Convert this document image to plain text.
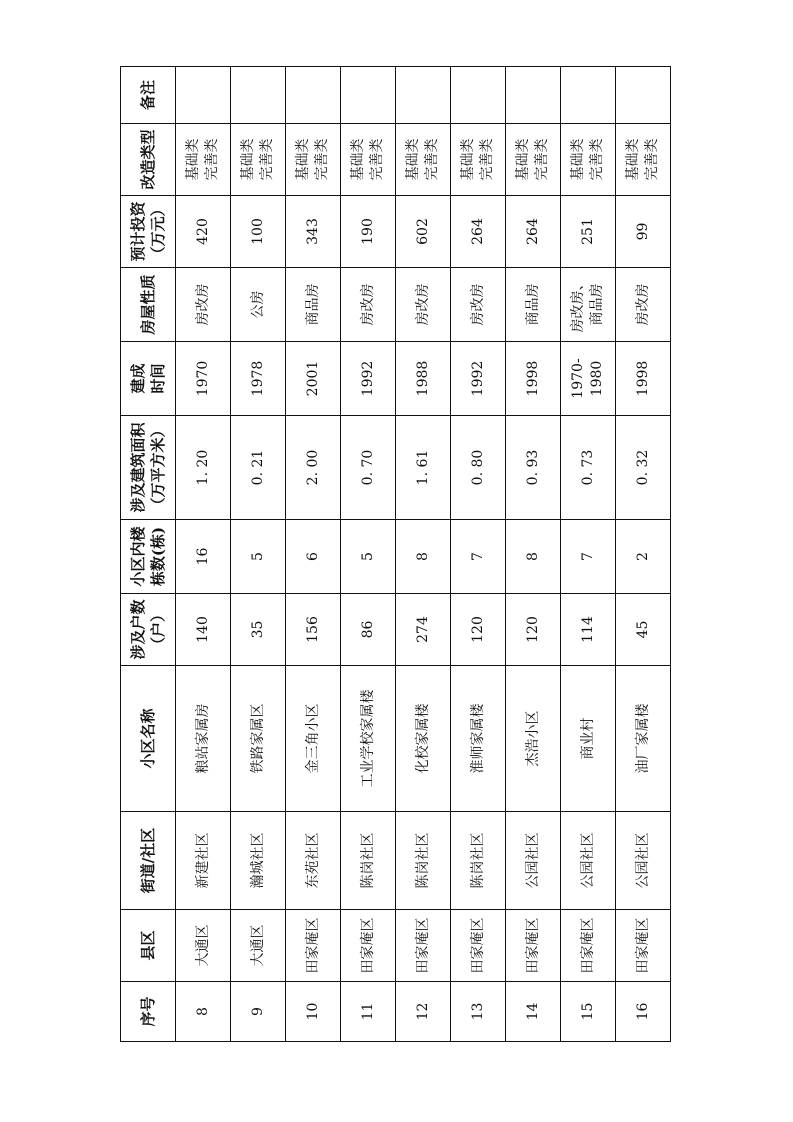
序号	县区	街道/社区	小区名称	涉及户数 （户）	小区内楼 栋数(栋)	涉及建筑面积 （万平方米）	建成 时间	房屋性质	预计投资 （万元）	改造类型	备注
8	大通区	新建社区	粮站家属房	140	16	1. 20	1970	房改房	420	基础类 完善类	

9	大通区	瀚城社区	铁路家属区	35	5	0. 21	1978	公房	100	基础类 完善类	

10	田家庵区	东苑社区	金三角小区	156	6	2. 00	2001	商品房	343	基础类 完善类	

11	田家庵区	陈岗社区	工业学校家属楼	86	5	0. 70	1992	房改房	190	基础类 完善类	

12	田家庵区	陈岗社区	化校家属楼	274	8	1. 61	1988	房改房	602	基础类 完善类	

13	田家庵区	陈岗社区	淮师家属楼	120	7	0. 80	1992	房改房	264	基础类 完善类	

14	田家庵区	公园社区	杰浩小区	120	8	0. 93	1998	商品房	264	基础类 完善类	

15	田家庵区	公园社区	商业村	114	7	0. 73	1970-1980	房改房、 商品房	251	基础类 完善类	

16	田家庵区	公园社区	油厂家属楼	45	2	0. 32	1998	房改房	99	基础类 完善类	
